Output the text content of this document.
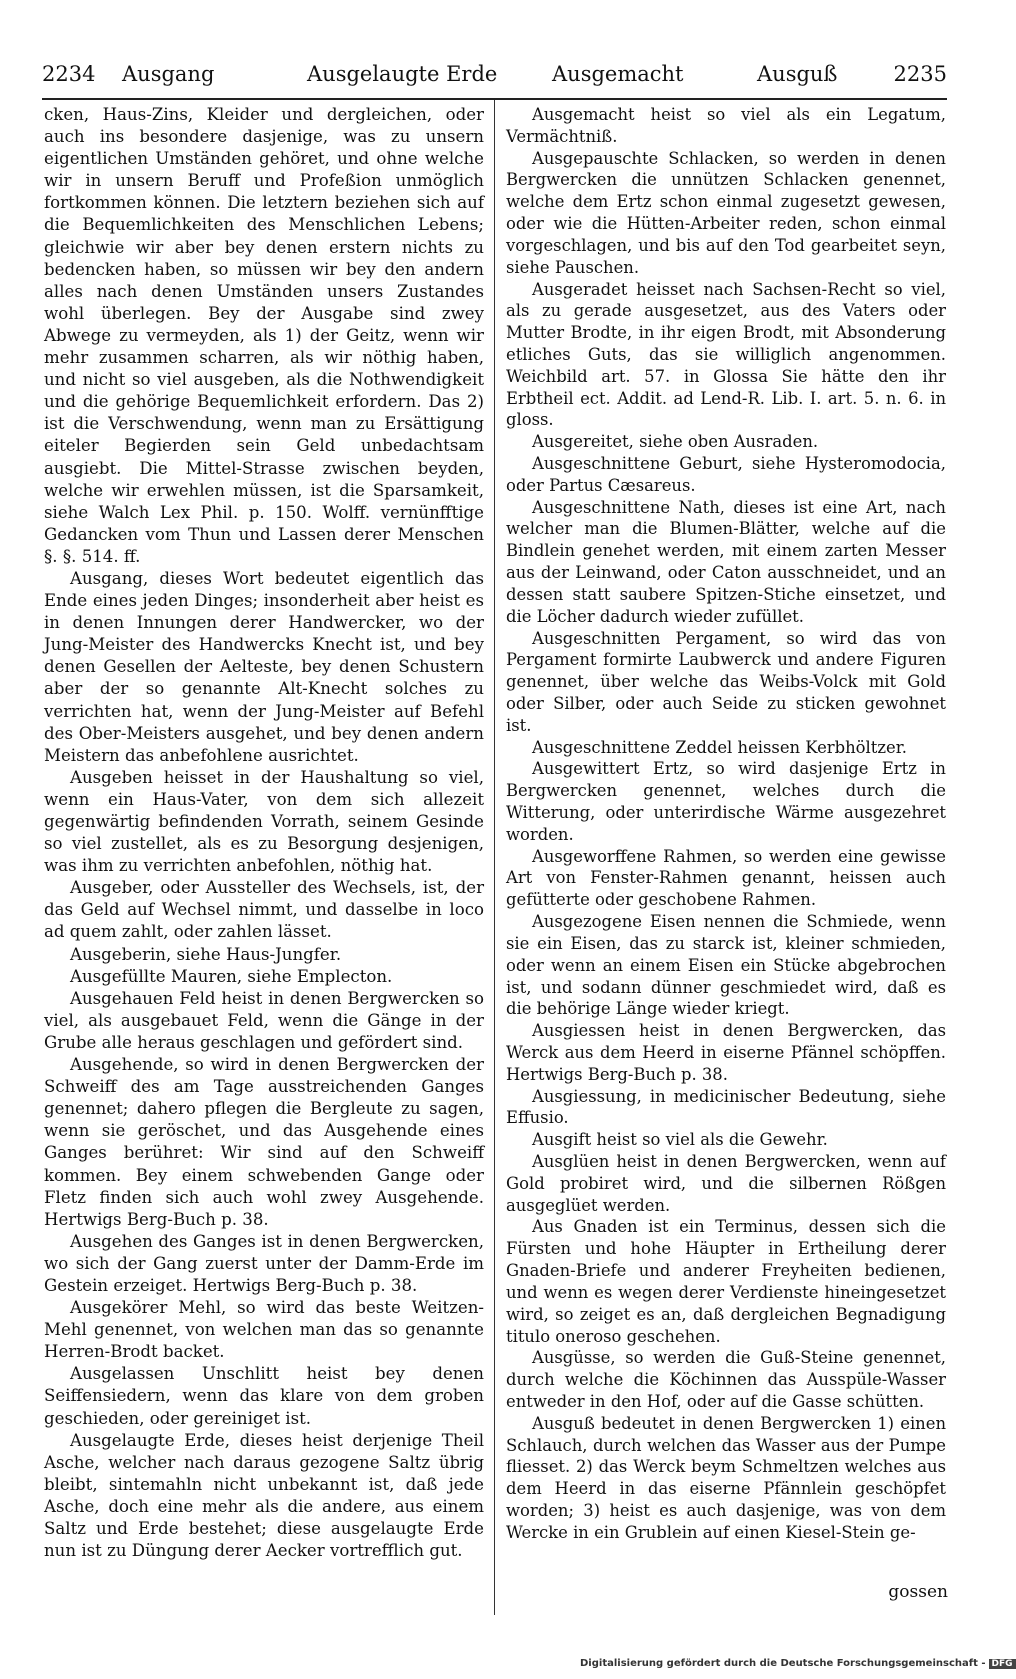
2234 Ausgang	Ausgelaugte Erde	Ausgemacht	Ausguß	2235

cken, Haus-Zins, Kleider und dergleichen, oder auch ins besondere dasjenige, was zu unsern eigentlichen Umständen gehöret, und ohne welche wir in unsern Beruff und Profeßion unmöglich fortkommen können. Die letztern beziehen sich auf die Bequemlichkeiten des Menschlichen Lebens; gleichwie wir aber bey denen erstern nichts zu bedencken haben, so müssen wir bey den andern alles nach denen Umständen unsers Zustandes wohl überlegen. Bey der Ausgabe sind zwey Abwege zu vermeyden, als 1) der Geitz, wenn wir mehr zusammen scharren, als wir nöthig haben, und nicht so viel ausgeben, als die Nothwendigkeit und die gehörige Bequemlichkeit erfordern. Das 2) ist die Verschwendung, wenn man zu Ersättigung eiteler Begierden sein Geld unbedachtsam ausgiebt. Die Mittel-Strasse zwischen beyden, welche wir erwehlen müssen, ist die Sparsamkeit, siehe Walch Lex Phil. p. 150. Wolff. vernünfftige Gedancken vom Thun und Lassen derer Menschen §. §. 514. ff.

Ausgang, dieses Wort bedeutet eigentlich das Ende eines jeden Dinges; insonderheit aber heist es in denen Innungen derer Handwercker, wo der Jung-Meister des Handwercks Knecht ist, und bey denen Gesellen der Aelteste, bey denen Schustern aber der so genannte Alt-Knecht solches zu verrichten hat, wenn der Jung-Meister auf Befehl des Ober-Meisters ausgehet, und bey denen andern Meistern das anbefohlene ausrichtet.

Ausgeben heisset in der Haushaltung so viel, wenn ein Haus-Vater, von dem sich allezeit gegenwärtig befindenden Vorrath, seinem Gesinde so viel zustellet, als es zu Besorgung desjenigen, was ihm zu verrichten anbefohlen, nöthig hat.

Ausgeber, oder Aussteller des Wechsels, ist, der das Geld auf Wechsel nimmt, und dasselbe in loco ad quem zahlt, oder zahlen lässet.

Ausgeberin, siehe Haus-Jungfer.

Ausgefüllte Mauren, siehe Emplecton.

Ausgehauen Feld heist in denen Bergwercken so viel, als ausgebauet Feld, wenn die Gänge in der Grube alle heraus geschlagen und gefördert sind.

Ausgehende, so wird in denen Bergwercken der Schweiff des am Tage ausstreichenden Ganges genennet; dahero pflegen die Bergleute zu sagen, wenn sie geröschet, und das Ausgehende eines Ganges berühret: Wir sind auf den Schweiff kommen. Bey einem schwebenden Gange oder Fletz finden sich auch wohl zwey Ausgehende. Hertwigs Berg-Buch p. 38.

Ausgehen des Ganges ist in denen Bergwercken, wo sich der Gang zuerst unter der Damm-Erde im Gestein erzeiget. Hertwigs Berg-Buch p. 38.

Ausgekörer Mehl, so wird das beste Weitzen-Mehl genennet, von welchen man das so genannte Herren-Brodt backet.

Ausgelassen Unschlitt heist bey denen Seiffensiedern, wenn das klare von dem groben geschieden, oder gereiniget ist.

Ausgelaugte Erde, dieses heist derjenige Theil Asche, welcher nach daraus gezogene Saltz übrig bleibt, sintemahln nicht unbekannt ist, daß jede Asche, doch eine mehr als die andere, aus einem Saltz und Erde bestehet; diese ausgelaugte Erde nun ist zu Düngung derer Aecker vortrefflich gut.

Ausgemacht heist so viel als ein Legatum, Vermächtniß.

Ausgepauschte Schlacken, so werden in denen Bergwercken die unnützen Schlacken genennet, welche dem Ertz schon einmal zugesetzt gewesen, oder wie die Hütten-Arbeiter reden, schon einmal vorgeschlagen, und bis auf den Tod gearbeitet seyn, siehe Pauschen.

Ausgeradet heisset nach Sachsen-Recht so viel, als zu gerade ausgesetzet, aus des Vaters oder Mutter Brodte, in ihr eigen Brodt, mit Absonderung etliches Guts, das sie williglich angenommen. Weichbild art. 57. in Glossa Sie hätte den ihr Erbtheil ect. Addit. ad Lend-R. Lib. I. art. 5. n. 6. in gloss.

Ausgereitet, siehe oben Ausraden.

Ausgeschnittene Geburt, siehe Hysteromodocia, oder Partus Cæsareus.

Ausgeschnittene Nath, dieses ist eine Art, nach welcher man die Blumen-Blätter, welche auf die Bindlein genehet werden, mit einem zarten Messer aus der Leinwand, oder Caton ausschneidet, und an dessen statt saubere Spitzen-Stiche einsetzet, und die Löcher dadurch wieder zufüllet.

Ausgeschnitten Pergament, so wird das von Pergament formirte Laubwerck und andere Figuren genennet, über welche das Weibs-Volck mit Gold oder Silber, oder auch Seide zu sticken gewohnet ist.

Ausgeschnittene Zeddel heissen Kerbhöltzer.

Ausgewittert Ertz, so wird dasjenige Ertz in Bergwercken genennet, welches durch die Witterung, oder unterirdische Wärme ausgezehret worden.

Ausgeworffene Rahmen, so werden eine gewisse Art von Fenster-Rahmen genannt, heissen auch gefütterte oder geschobene Rahmen.

Ausgezogene Eisen nennen die Schmiede, wenn sie ein Eisen, das zu starck ist, kleiner schmieden, oder wenn an einem Eisen ein Stücke abgebrochen ist, und sodann dünner geschmiedet wird, daß es die behörige Länge wieder kriegt.

Ausgiessen heist in denen Bergwercken, das Werck aus dem Heerd in eiserne Pfännel schöpffen. Hertwigs Berg-Buch p. 38.

Ausgiessung, in medicinischer Bedeutung, siehe Effusio.

Ausgift heist so viel als die Gewehr.

Ausglüen heist in denen Bergwercken, wenn auf Gold probiret wird, und die silbernen Rößgen ausgeglüet werden.

Aus Gnaden ist ein Terminus, dessen sich die Fürsten und hohe Häupter in Ertheilung derer Gnaden-Briefe und anderer Freyheiten bedienen, und wenn es wegen derer Verdienste hineingesetzet wird, so zeiget es an, daß dergleichen Begnadigung titulo oneroso geschehen.

Ausgüsse, so werden die Guß-Steine genennet, durch welche die Köchinnen das Ausspüle-Wasser entweder in den Hof, oder auf die Gasse schütten.

Ausguß bedeutet in denen Bergwercken 1) einen Schlauch, durch welchen das Wasser aus der Pumpe fliesset. 2) das Werck beym Schmeltzen welches aus dem Heerd in das eiserne Pfännlein geschöpfet worden; 3) heist es auch dasjenige, was von dem Wercke in ein Grublein auf einen Kiesel-Stein ge-

gossen
Digitalisierung gefördert durch die Deutsche Forschungsgemeinschaft - DFG
